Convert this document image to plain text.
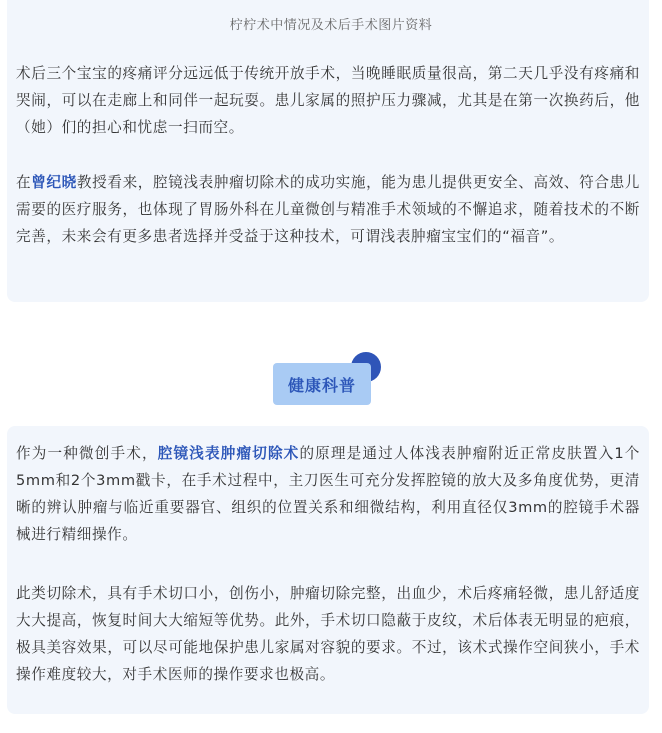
柠柠术中情况及术后手术图片资料

术后三个宝宝的疼痛评分远远低于传统开放手术，当晚睡眠质量很高，第二天几乎没有疼痛和哭闹，可以在走廊上和同伴一起玩耍。患儿家属的照护压力骤减，尤其是在第一次换药后，他（她）们的担心和忧虑一扫而空。

在曾纪晓教授看来，腔镜浅表肿瘤切除术的成功实施，能为患儿提供更安全、高效、符合患儿需要的医疗服务，也体现了胃肠外科在儿童微创与精准手术领域的不懈追求，随着技术的不断完善，未来会有更多患者选择并受益于这种技术，可谓浅表肿瘤宝宝们的“福音”。

健康科普

作为一种微创手术，腔镜浅表肿瘤切除术的原理是通过人体浅表肿瘤附近正常皮肤置入1个5mm和2个3mm戳卡，在手术过程中，主刀医生可充分发挥腔镜的放大及多角度优势，更清晰的辨认肿瘤与临近重要器官、组织的位置关系和细微结构，利用直径仅3mm的腔镜手术器械进行精细操作。

此类切除术，具有手术切口小，创伤小，肿瘤切除完整，出血少，术后疼痛轻微，患儿舒适度大大提高，恢复时间大大缩短等优势。此外，手术切口隐蔽于皮纹，术后体表无明显的疤痕，极具美容效果，可以尽可能地保护患儿家属对容貌的要求。不过，该术式操作空间狭小，手术操作难度较大，对手术医师的操作要求也极高。
